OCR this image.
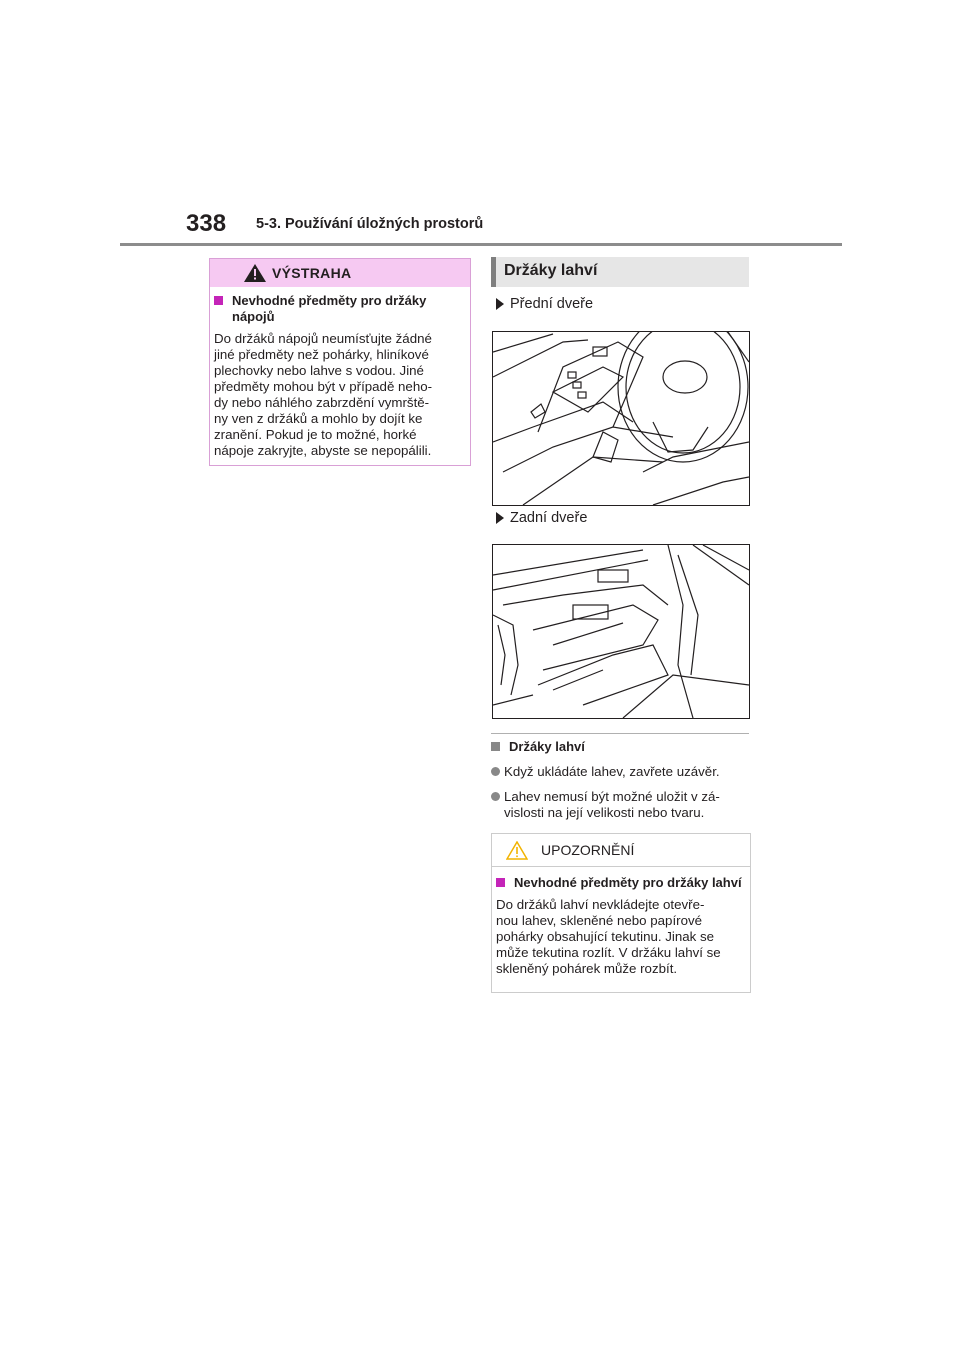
338 5-3. Používání úložných prostorů
VÝSTRAHA
Nevhodné předměty pro držáky nápojů
Do držáků nápojů neumísťujte žádné
jiné předměty než pohárky, hliníkové
plechovky nebo lahve s vodou. Jiné
předměty mohou být v případě neho-
dy nebo náhlého zabrzdění vymrště-
ny ven z držáků a mohlo by dojít ke
zranění. Pokud je to možné, horké
nápoje zakryjte, abyste se nepopálili.
Držáky lahví
Přední dveře
Zadní dveře
Držáky lahví
Když ukládáte lahev, zavřete uzávěr.
Lahev nemusí být možné uložit v zá-
vislosti na její velikosti nebo tvaru.
UPOZORNĚNÍ
Nevhodné předměty pro držáky lahví
Do držáků lahví nevkládejte otevře-
nou lahev, skleněné nebo papírové
pohárky obsahující tekutinu. Jinak se
může tekutina rozlít. V držáku lahví se
skleněný pohárek může rozbít.
